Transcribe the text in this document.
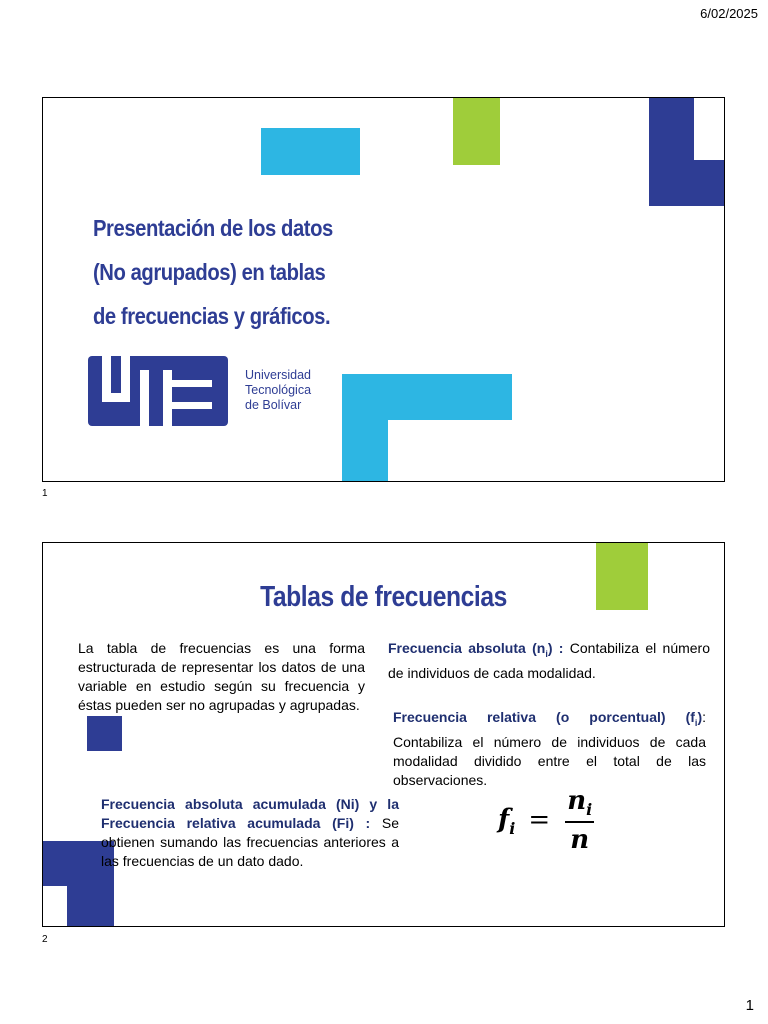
6/02/2025
Presentación de los datos
(No agrupados) en tablas
de frecuencias y gráficos.
UTB
Universidad
Tecnológica
de Bolívar
1
Tablas de frecuencias
La tabla de frecuencias es una forma estructurada de representar los datos de una variable en estudio según su frecuencia y éstas pueden ser no agrupadas y agrupadas.
Frecuencia absoluta $(n_i)$ : Contabiliza el número de individuos de cada modalidad.
Frecuencia relativa (o porcentual) $(f_i)$: Contabiliza el número de individuos de cada modalidad dividido entre el total de las observaciones.
Frecuencia absoluta acumulada (Ni) y la Frecuencia relativa acumulada (Fi) : Se obtienen sumando las frecuencias anteriores a las frecuencias de un dato dado.
$f_i = \frac{n_i}{n}$
2
1
